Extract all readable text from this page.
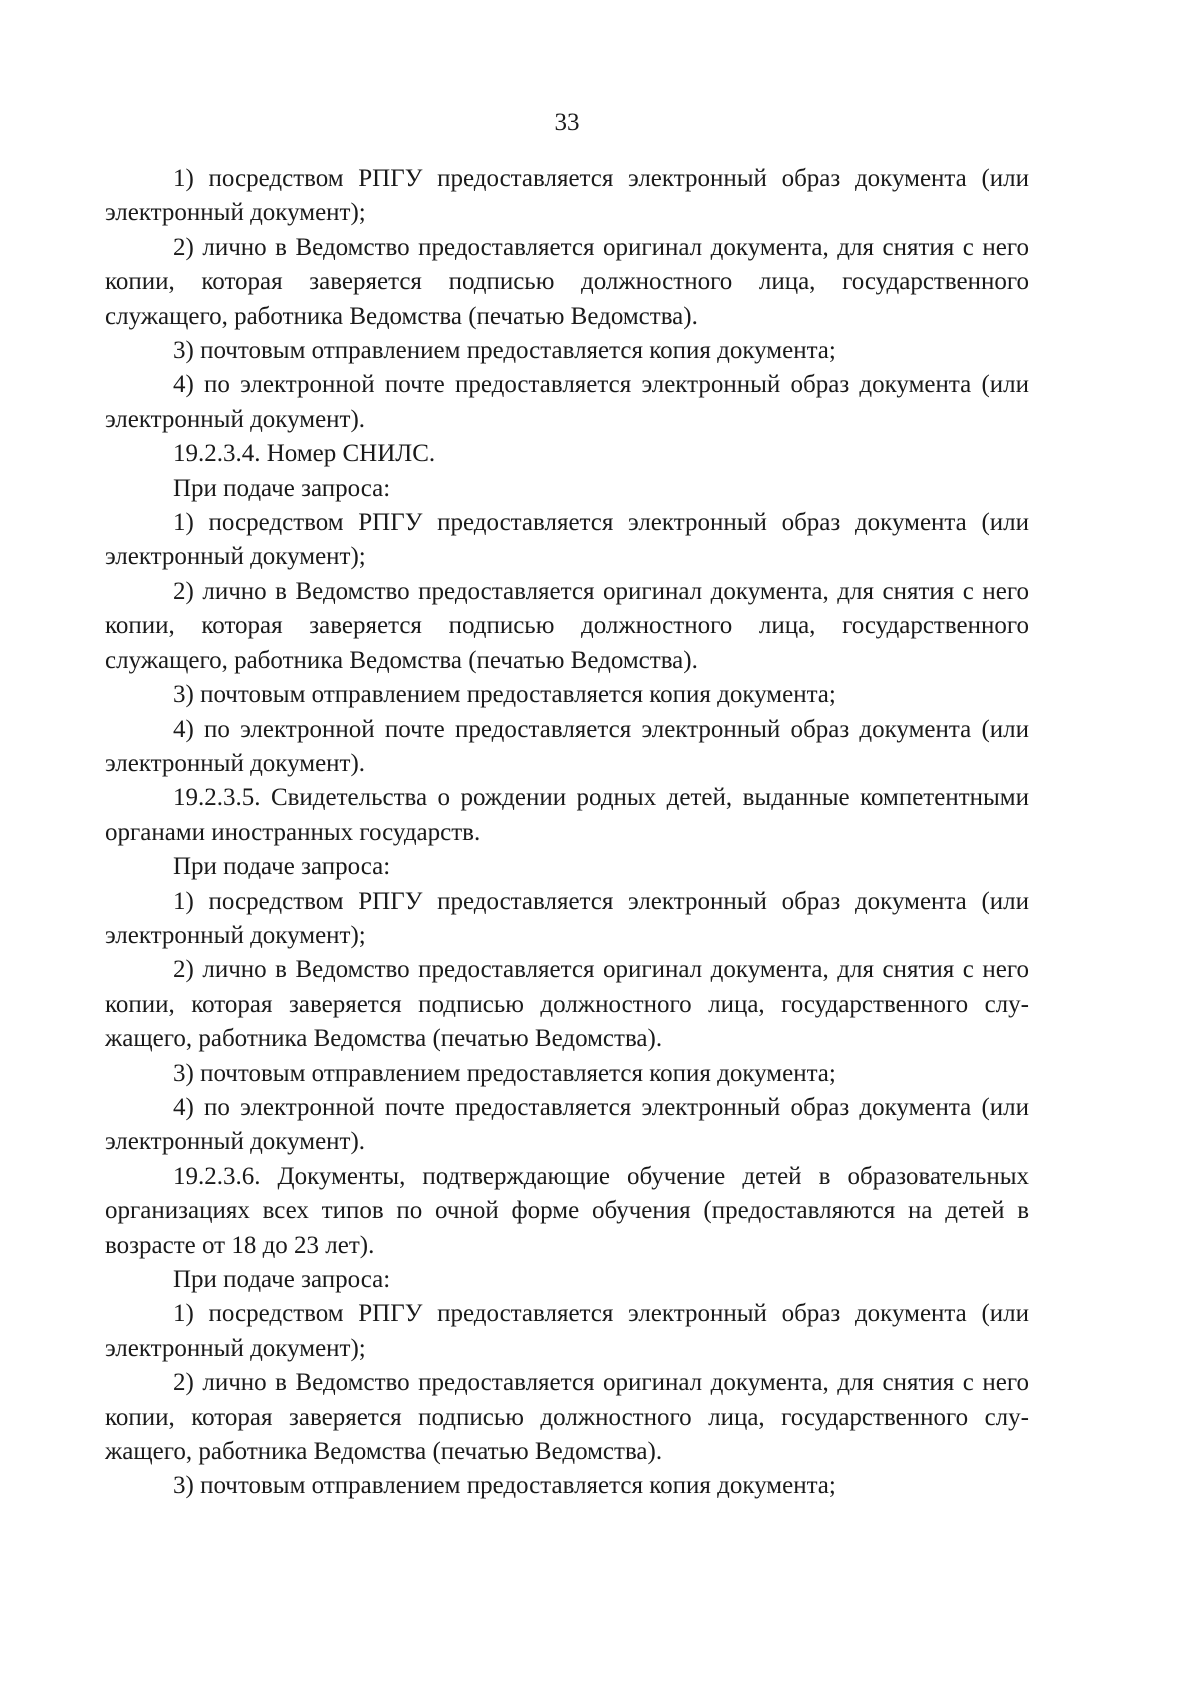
33

1) посредством РПГУ предоставляется электронный образ документа (или электронный документ);

2) лично в Ведомство предоставляется оригинал документа, для снятия с него копии, которая заверяется подписью должностного лица, государственного служащего, работника Ведомства (печатью Ведомства).

3) почтовым отправлением предоставляется копия документа;

4) по электронной почте предоставляется электронный образ документа (или электронный документ).

19.2.3.4. Номер СНИЛС.

При подаче запроса:

1) посредством РПГУ предоставляется электронный образ документа (или электронный документ);

2) лично в Ведомство предоставляется оригинал документа, для снятия с него копии, которая заверяется подписью должностного лица, государственного служащего, работника Ведомства (печатью Ведомства).

3) почтовым отправлением предоставляется копия документа;

4) по электронной почте предоставляется электронный образ документа (или электронный документ).

19.2.3.5. Свидетельства о рождении родных детей, выданные компетентными органами иностранных государств.

При подаче запроса:

1) посредством РПГУ предоставляется электронный образ документа (или электронный документ);

2) лично в Ведомство предоставляется оригинал документа, для снятия с него копии, которая заверяется подписью должностного лица, государственного служащего, работника Ведомства (печатью Ведомства).

3) почтовым отправлением предоставляется копия документа;

4) по электронной почте предоставляется электронный образ документа (или электронный документ).

19.2.3.6. Документы, подтверждающие обучение детей в образовательных организациях всех типов по очной форме обучения (предоставляются на детей в возрасте от 18 до 23 лет).

При подаче запроса:

1) посредством РПГУ предоставляется электронный образ документа (или электронный документ);

2) лично в Ведомство предоставляется оригинал документа, для снятия с него копии, которая заверяется подписью должностного лица, государственного служащего, работника Ведомства (печатью Ведомства).

3) почтовым отправлением предоставляется копия документа;
